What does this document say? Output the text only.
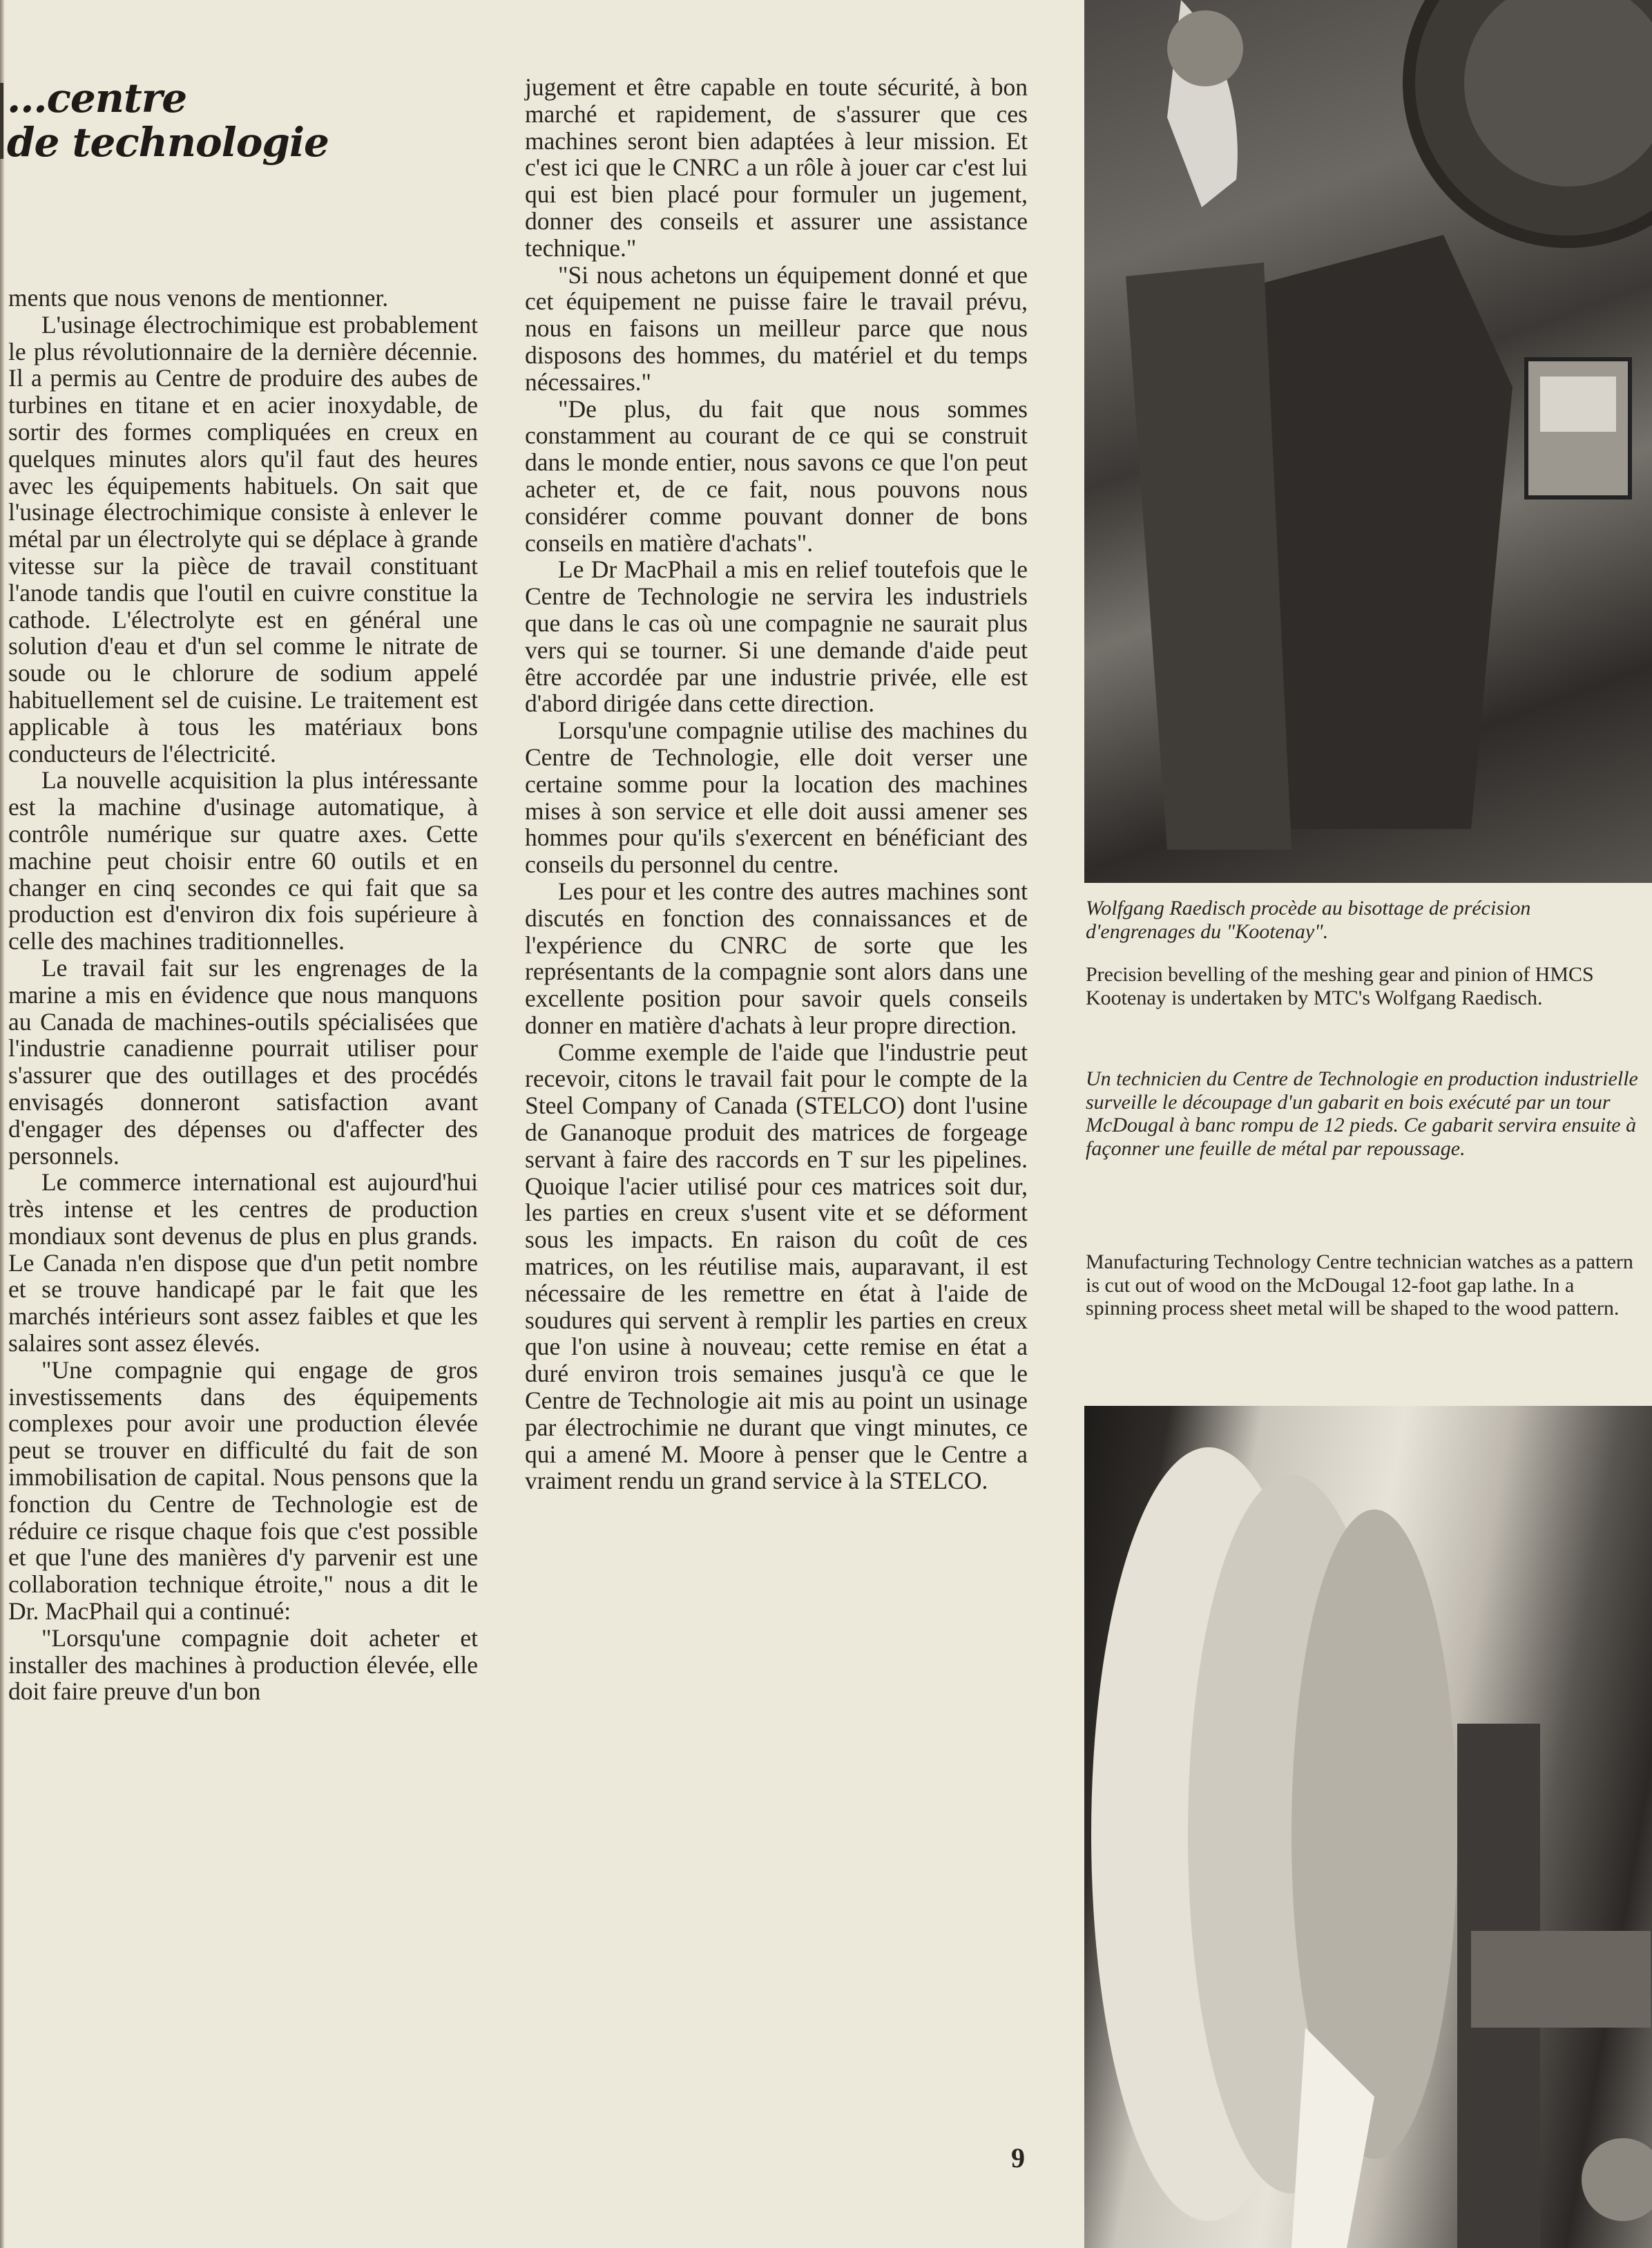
...centre
de technologie

ments que nous venons de mentionner.

L'usinage électrochimique est probablement le plus révolutionnaire de la dernière décennie. Il a permis au Centre de produire des aubes de turbines en titane et en acier inoxydable, de sortir des formes compliquées en creux en quelques minutes alors qu'il faut des heures avec les équipements habituels. On sait que l'usinage électrochimique consiste à enlever le métal par un électrolyte qui se déplace à grande vitesse sur la pièce de travail constituant l'anode tandis que l'outil en cuivre constitue la cathode. L'électrolyte est en général une solution d'eau et d'un sel comme le nitrate de soude ou le chlorure de sodium appelé habituellement sel de cuisine. Le traitement est applicable à tous les matériaux bons conducteurs de l'électricité.

La nouvelle acquisition la plus intéressante est la machine d'usinage automatique, à contrôle numérique sur quatre axes. Cette machine peut choisir entre 60 outils et en changer en cinq secondes ce qui fait que sa production est d'environ dix fois supérieure à celle des machines traditionnelles.

Le travail fait sur les engrenages de la marine a mis en évidence que nous manquons au Canada de machines-outils spécialisées que l'industrie canadienne pourrait utiliser pour s'assurer que des outillages et des procédés envisagés donneront satisfaction avant d'engager des dépenses ou d'affecter des personnels.

Le commerce international est aujourd'hui très intense et les centres de production mondiaux sont devenus de plus en plus grands. Le Canada n'en dispose que d'un petit nombre et se trouve handicapé par le fait que les marchés intérieurs sont assez faibles et que les salaires sont assez élevés.

"Une compagnie qui engage de gros investissements dans des équipements complexes pour avoir une production élevée peut se trouver en difficulté du fait de son immobilisation de capital. Nous pensons que la fonction du Centre de Technologie est de réduire ce risque chaque fois que c'est possible et que l'une des manières d'y parvenir est une collaboration technique étroite," nous a dit le Dr. MacPhail qui a continué:

"Lorsqu'une compagnie doit acheter et installer des machines à production élevée, elle doit faire preuve d'un bon

jugement et être capable en toute sécurité, à bon marché et rapidement, de s'assurer que ces machines seront bien adaptées à leur mission. Et c'est ici que le CNRC a un rôle à jouer car c'est lui qui est bien placé pour formuler un jugement, donner des conseils et assurer une assistance technique."

"Si nous achetons un équipement donné et que cet équipement ne puisse faire le travail prévu, nous en faisons un meilleur parce que nous disposons des hommes, du matériel et du temps nécessaires."

"De plus, du fait que nous sommes constamment au courant de ce qui se construit dans le monde entier, nous savons ce que l'on peut acheter et, de ce fait, nous pouvons nous considérer comme pouvant donner de bons conseils en matière d'achats".

Le Dr MacPhail a mis en relief toutefois que le Centre de Technologie ne servira les industriels que dans le cas où une compagnie ne saurait plus vers qui se tourner. Si une demande d'aide peut être accordée par une industrie privée, elle est d'abord dirigée dans cette direction.

Lorsqu'une compagnie utilise des machines du Centre de Technologie, elle doit verser une certaine somme pour la location des machines mises à son service et elle doit aussi amener ses hommes pour qu'ils s'exercent en bénéficiant des conseils du personnel du centre.

Les pour et les contre des autres machines sont discutés en fonction des connaissances et de l'expérience du CNRC de sorte que les représentants de la compagnie sont alors dans une excellente position pour savoir quels conseils donner en matière d'achats à leur propre direction.

Comme exemple de l'aide que l'industrie peut recevoir, citons le travail fait pour le compte de la Steel Company of Canada (STELCO) dont l'usine de Gananoque produit des matrices de forgeage servant à faire des raccords en T sur les pipelines. Quoique l'acier utilisé pour ces matrices soit dur, les parties en creux s'usent vite et se déforment sous les impacts. En raison du coût de ces matrices, on les réutilise mais, auparavant, il est nécessaire de les remettre en état à l'aide de soudures qui servent à remplir les parties en creux que l'on usine à nouveau; cette remise en état a duré environ trois semaines jusqu'à ce que le Centre de Technologie ait mis au point un usinage par électrochimie ne durant que vingt minutes, ce qui a amené M. Moore à penser que le Centre a vraiment rendu un grand service à la STELCO.

Wolfgang Raedisch procède au bisottage de précision d'engrenages du "Kootenay".
Precision bevelling of the meshing gear and pinion of HMCS Kootenay is undertaken by MTC's Wolfgang Raedisch.
Un technicien du Centre de Technologie en production industrielle surveille le découpage d'un gabarit en bois exécuté par un tour McDougal à banc rompu de 12 pieds. Ce gabarit servira ensuite à façonner une feuille de métal par repoussage.
Manufacturing Technology Centre technician watches as a pattern is cut out of wood on the McDougal 12-foot gap lathe. In a spinning process sheet metal will be shaped to the wood pattern.
9
